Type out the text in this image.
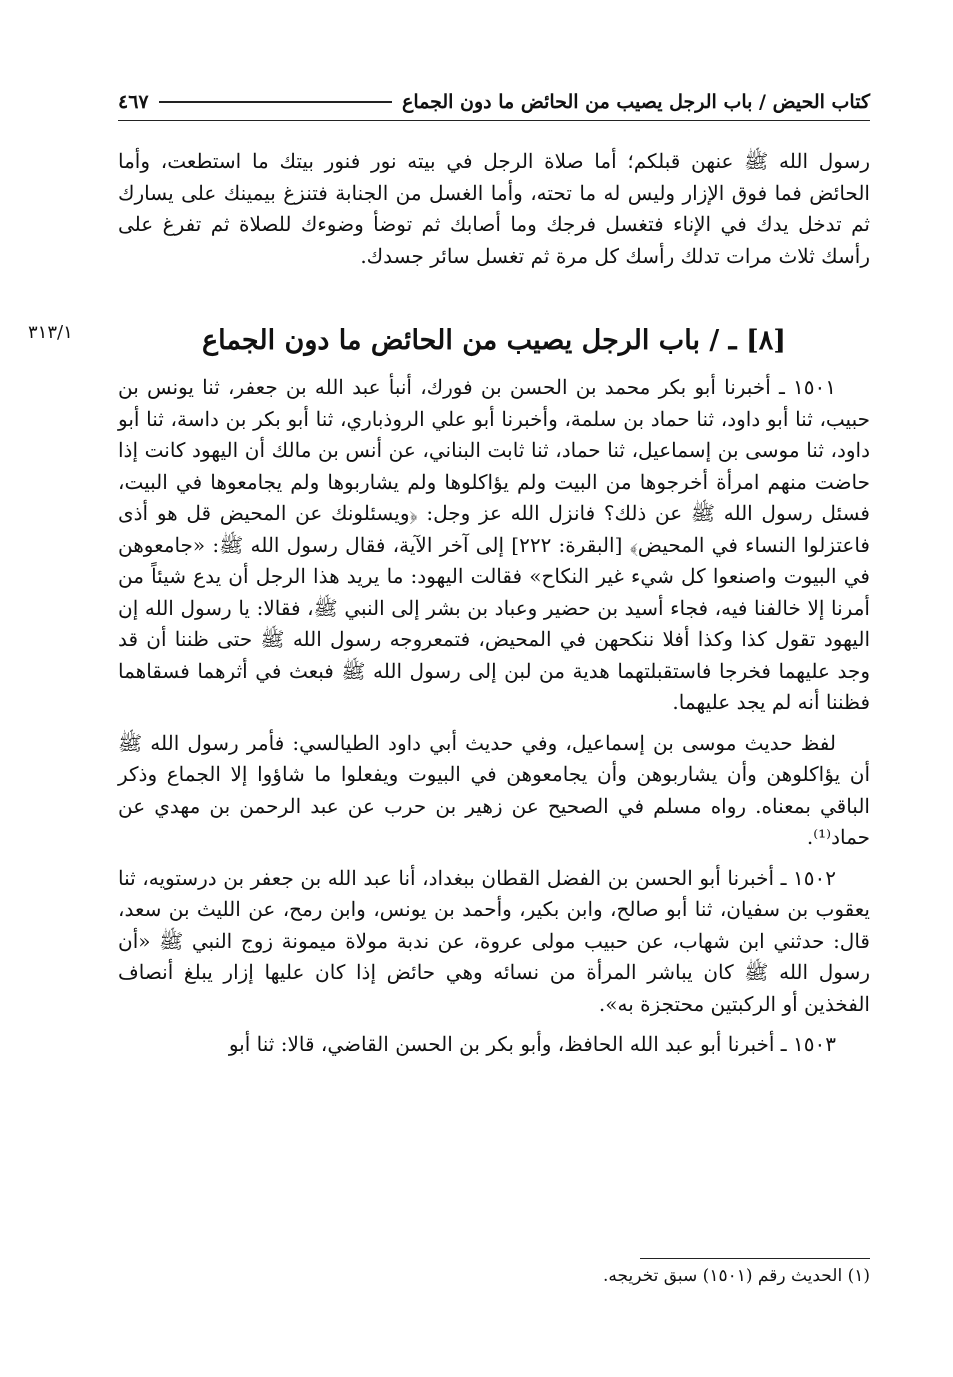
كتاب الحيض / باب الرجل يصيب من الحائض ما دون الجماع
٤٦٧

رسول الله ﷺ عنهن قبلكم؛ أما صلاة الرجل في بيته نور فنور بيتك ما استطعت، وأما الحائض فما فوق الإزار وليس له ما تحته، وأما الغسل من الجنابة فتنزغ بيمينك على يسارك ثم تدخل يدك في الإناء فتغسل فرجك وما أصابك ثم توضأ وضوءك للصلاة ثم تفرغ على رأسك ثلاث مرات تدلك رأسك كل مرة ثم تغسل سائر جسدك.

[٨] ـ / باب الرجل يصيب من الحائض ما دون الجماع
٣١٣/١

١٥٠١ ـ أخبرنا أبو بكر محمد بن الحسن بن فورك، أنبأ عبد الله بن جعفر، ثنا يونس بن حبيب، ثنا أبو داود، ثنا حماد بن سلمة، وأخبرنا أبو علي الروذباري، ثنا أبو بكر بن داسة، ثنا أبو داود، ثنا موسى بن إسماعيل، ثنا حماد، ثنا ثابت البناني، عن أنس بن مالك أن اليهود كانت إذا حاضت منهم امرأة أخرجوها من البيت ولم يؤاكلوها ولم يشاربوها ولم يجامعوها في البيت، فسئل رسول الله ﷺ عن ذلك؟ فانزل الله عز وجل: ﴿ويسئلونك عن المحيض قل هو أذى فاعتزلوا النساء في المحيض﴾ [البقرة: ٢٢٢] إلى آخر الآية، فقال رسول الله ﷺ: «جامعوهن في البيوت واصنعوا كل شيء غير النكاح» فقالت اليهود: ما يريد هذا الرجل أن يدع شيئاً من أمرنا إلا خالفنا فيه، فجاء أسيد بن حضير وعباد بن بشر إلى النبي ﷺ، فقالا: يا رسول الله إن اليهود تقول كذا وكذا أفلا ننكحهن في المحيض، فتمعروجه رسول الله ﷺ حتى ظننا أن قد وجد عليهما فخرجا فاستقبلتهما هدية من لبن إلى رسول الله ﷺ فبعث في أثرهما فسقاهما فظننا أنه لم يجد عليهما.

لفظ حديث موسى بن إسماعيل، وفي حديث أبي داود الطيالسي: فأمر رسول الله ﷺ أن يؤاكلوهن وأن يشاربوهن وأن يجامعوهن في البيوت ويفعلوا ما شاؤوا إلا الجماع وذكر الباقي بمعناه. رواه مسلم في الصحيح عن زهير بن حرب عن عبد الرحمن بن مهدي عن حماد⁽¹⁾.

١٥٠٢ ـ أخبرنا أبو الحسن بن الفضل القطان ببغداد، أنا عبد الله بن جعفر بن درستويه، ثنا يعقوب بن سفيان، ثنا أبو صالح، وابن بكير، وأحمد بن يونس، وابن رمح، عن الليث بن سعد، قال: حدثني ابن شهاب، عن حبيب مولى عروة، عن ندبة مولاة ميمونة زوج النبي ﷺ «أن رسول الله ﷺ كان يباشر المرأة من نسائه وهي حائض إذا كان عليها إزار يبلغ أنصاف الفخذين أو الركبتين محتجزة به».

١٥٠٣ ـ أخبرنا أبو عبد الله الحافظ، وأبو بكر بن الحسن القاضي، قالا: ثنا أبو

(١) الحديث رقم (١٥٠١) سبق تخريجه.
